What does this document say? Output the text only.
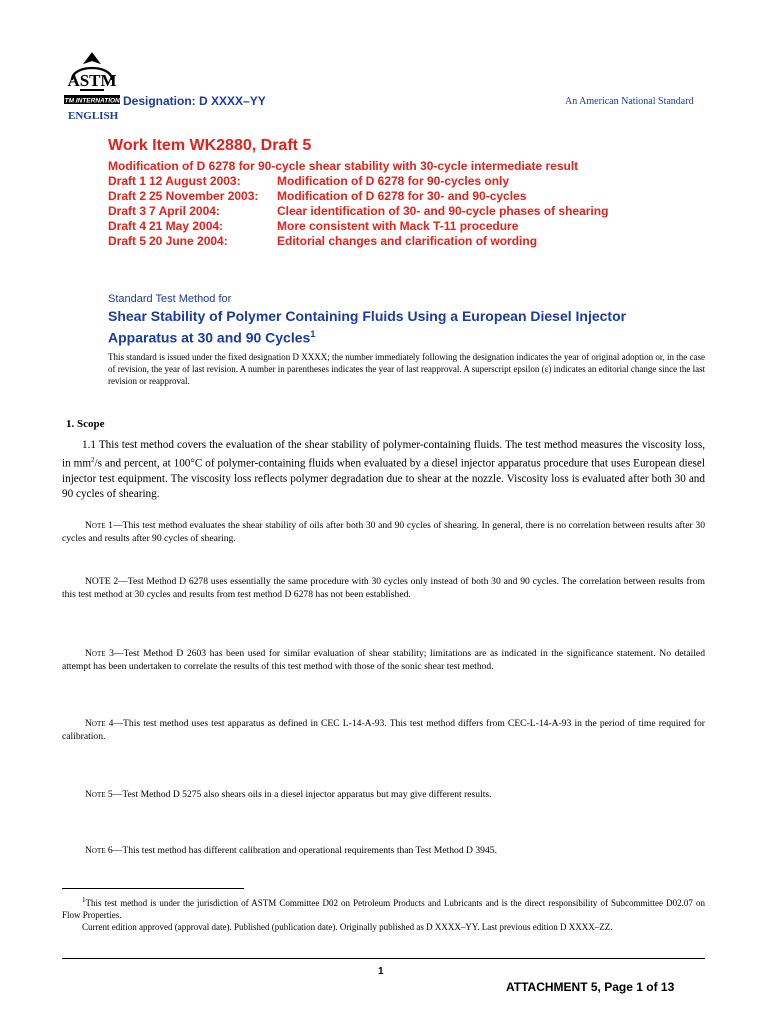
ASTM
ASTM INTERNATIONAL
Designation: D XXXX–YY
ENGLISH
An American National Standard
Work Item WK2880, Draft 5
Modification of D 6278 for 90-cycle shear stability with 30-cycle intermediate result
Draft 1 12 August 2003:	Modification of D 6278 for 90-cycles only
Draft 2 25 November 2003: Modification of D 6278 for 30- and 90-cycles
Draft 3 7 April 2004:	Clear identification of 30- and 90-cycle phases of shearing
Draft 4 21 May 2004:	More consistent with Mack T-11 procedure
Draft 5 20 June 2004:	Editorial changes and clarification of wording
Standard Test Method for
Shear Stability of Polymer Containing Fluids Using a European Diesel Injector Apparatus at 30 and 90 Cycles$^1$
This standard is issued under the fixed designation D XXXX; the number immediately following the designation indicates the year of original adoption or, in the case of revision, the year of last revision. A number in parentheses indicates the year of last reapproval. A superscript epsilon (ε) indicates an editorial change since the last revision or reapproval.
1. Scope
1.1 This test method covers the evaluation of the shear stability of polymer-containing fluids. The test method measures the viscosity loss, in $mm^2/s$ and percent, at 100°C of polymer-containing fluids when evaluated by a diesel injector apparatus procedure that uses European diesel injector test equipment. The viscosity loss reflects polymer degradation due to shear at the nozzle. Viscosity loss is evaluated after both 30 and 90 cycles of shearing.
Note 1—This test method evaluates the shear stability of oils after both 30 and 90 cycles of shearing. In general, there is no correlation between results after 30 cycles and results after 90 cycles of shearing.
NOTE 2—Test Method D 6278 uses essentially the same procedure with 30 cycles only instead of both 30 and 90 cycles. The correlation between results from this test method at 30 cycles and results from test method D 6278 has not been established.
Note 3—Test Method D 2603 has been used for similar evaluation of shear stability; limitations are as indicated in the significance statement. No detailed attempt has been undertaken to correlate the results of this test method with those of the sonic shear test method.
Note 4—This test method uses test apparatus as defined in CEC L-14-A-93. This test method differs from CEC-L-14-A-93 in the period of time required for calibration.
Note 5—Test Method D 5275 also shears oils in a diesel injector apparatus but may give different results.
Note 6—This test method has different calibration and operational requirements than Test Method D 3945.

$^1$This test method is under the jurisdiction of ASTM Committee D02 on Petroleum Products and Lubricants and is the direct responsibility of Subcommittee D02.07 on Flow Properties.

Current edition approved (approval date). Published (publication date). Originally published as D XXXX–YY. Last previous edition D XXXX–ZZ.

1
ATTACHMENT 5, Page 1 of 13
